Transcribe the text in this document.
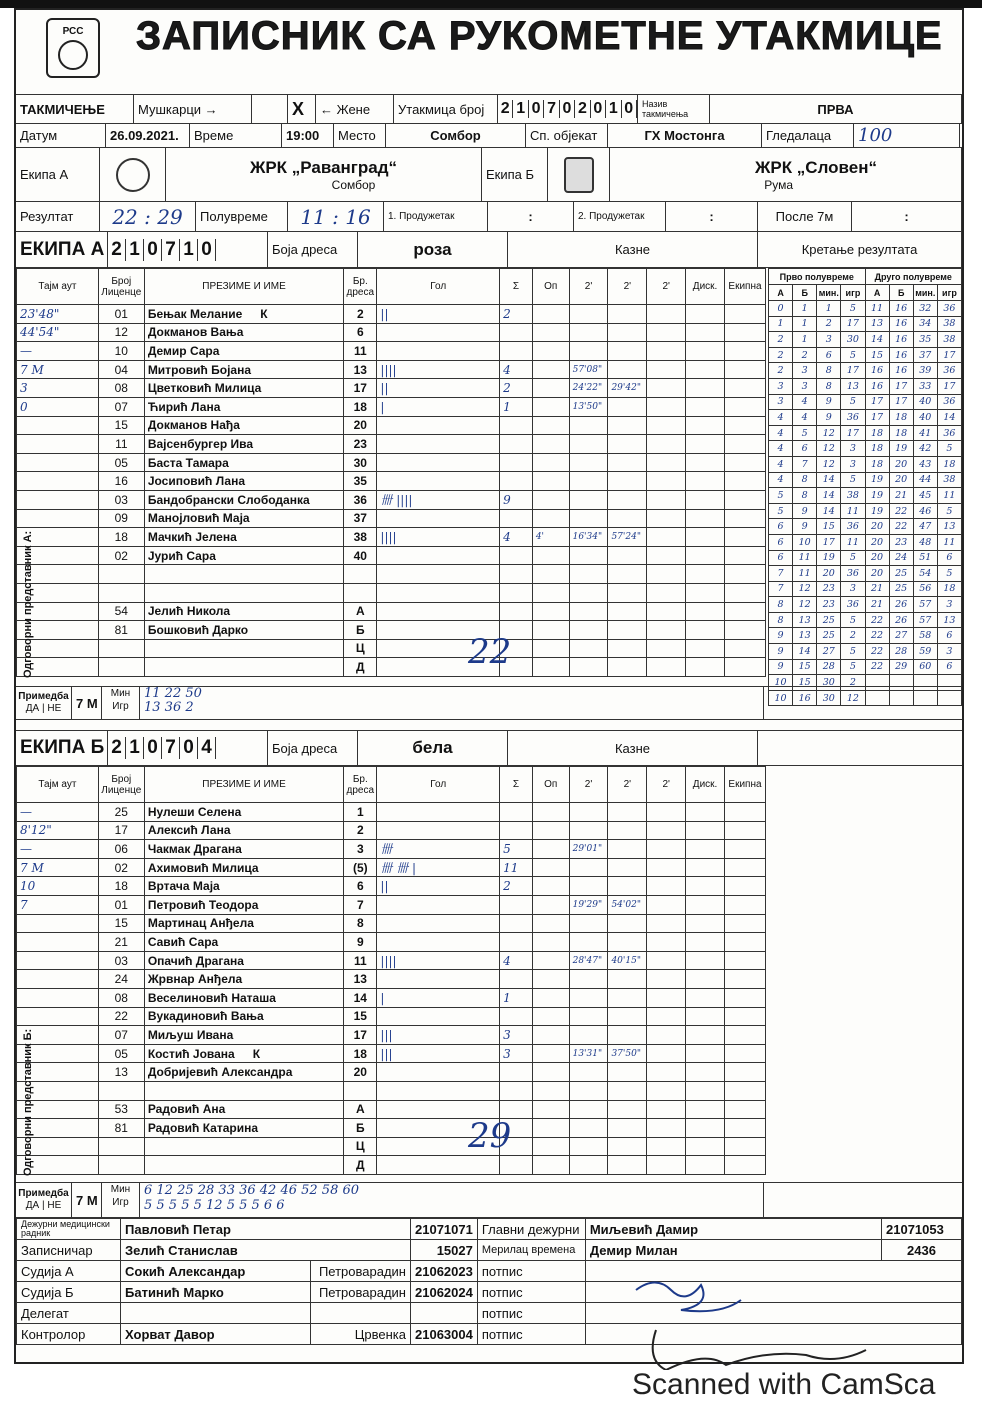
РСС ЗАПИСНИК СА РУКОМЕТНЕ УТАКМИЦЕ
ТАКМИЧЕЊЕ	Мушкарци →	X	← Жене	Утакмица број	2 1 0 7 0 2 0 1 0 Назив такмичења	ПРВА
Датум	26.09.2021.	Време	19:00	Место	Сомбор	Сп. објекат	ГХ Мостонга	Гледалаца	100
Екипа А	ЖРК „Раванград“
Сомбор
Екипа Б	ЖРК „Словен“
Рума
Резултат	22 : 29	Полувреме	11 : 16	1. Продужетак	:	2. Продужетак	:	После 7м	:
ЕКИПА А 2 1 0 7 1 0	Боја дреса	роза	Казне	Кретање резултата
Тајм аут	Број Лиценце	ПРЕЗИМЕ И ИМЕ	Бр. дреса	Гол	Σ	Оп	2'	2'	2'	Диск.	Екипна
23'48"	01	Бењак Мелание К	2	||	2						
44'54"	12	Докманов Вања	6								
—	10	Демир Сара	11								
7 М	04	Митровић Бојана	13	||||	4		57'08"				
3	08	Цветковић Милица	17	||	2		24'22"	29'42"			
0	07	Ћирић Лана	18	|	1		13'50"				
	15	Докманов Нађа	20								
	11	Вајсенбургер Ива	23								
	05	Баста Тамара	30								
	16	Јосиповић Лана	35								
	03	Бандобрански Слободанка	36	卌 ||||	9						
	09	Манојловић Маја	37								
	18	Мачкић Јелена	38	||||	4	4'	16'34"	57'24"			
	02	Јурић Сара	40								

	54	Јелић Никола	А								
	81	Бошковић Дарко	Б								
			Ц								
			Д								
Примедба
ДА | НЕ	7 М
Мин
Игр
11 22 50
13 36 2
ЕКИПА Б 2 1 0 7 0 4	Боја дреса	бела	Казне
Тајм аут	Број Лиценце	ПРЕЗИМЕ И ИМЕ	Бр. дреса	Гол	Σ	Оп	2'	2'	2'	Диск.	Екипна
—	25	Нулеши Селена	1								
8'12"	17	Алексић Лана	2								
—	06	Чакмак Драгана	3	卌	5		29'01"				
7 М	02	Ахимовић Милица	(5)	卌 卌 |	11						
10	18	Вртача Маја	6	||	2						
7	01	Петровић Теодора	7				19'29"	54'02"			
	15	Мартинац Анђела	8								
	21	Савић Сара	9								
	03	Опачић Драгана	11	||||	4		28'47"	40'15"			
	24	Жрвнар Анђела	13								
	08	Веселиновић Наташа	14	|	1						
	22	Вукадиновић Вања	15								
	07	Миљуш Ивана	17	|||	3						
	05	Костић Јована К	18	|||	3		13'31"	37'50"			
	13	Добријевић Александра	20								

	53	Радовић Ана	А								
	81	Радовић Катарина	Б								
			Ц								
			Д								
Примедба
ДА | НЕ	7 М
Мин
Игр
6 12 25 28 33 36 42 46 52 58 60
5 5 5 5 5 12 5 5 5 6 6
Прво полувреме				Друго полувреме			
А	Б	мин.	игр	А	Б	мин.	игр
0	1	1	5	11	16	32	36
1	1	2	17	13	16	34	38
2	1	3	30	14	16	35	38
2	2	6	5	15	16	37	17
2	3	8	17	16	16	39	36
3	3	8	13	16	17	33	17
3	4	9	5	17	17	40	36
4	4	9	36	17	18	40	14
4	5	12	17	18	18	41	36
4	6	12	3	18	19	42	5
4	7	12	3	18	20	43	18
4	8	14	5	19	20	44	38
5	8	14	38	19	21	45	11
5	9	14	11	19	22	46	5
6	9	15	36	20	22	47	13
6	10	17	11	20	23	48	11
6	11	19	5	20	24	51	6
7	11	20	36	20	25	54	5
7	12	23	3	21	25	56	18
8	12	23	36	21	26	57	3
8	13	25	5	22	26	57	13
9	13	25	2	22	27	58	6
9	14	27	5	22	28	59	3
9	15	28	5	22	29	60	6
10	15	30	2				
10	16	30	12				
Дежурни медицински радник	Павловић Петар		21071071	Главни дежурни	Миљевић Дамир	21071053
Записничар	Зелић Станислав		15027	Мерилац времена	Демир Милан	2436
Судија А	Сокић Александар	Петроварадин	21062023	потпис		
Судија Б	Батинић Марко	Петроварадин	21062024	потпис		
Делегат				потпис		
Контролор	Хорват Давор	Црвенка	21063004	потпис		
Одговорни представник А:
Одговорни представник Б:
22
29
Scanned with CamSca
